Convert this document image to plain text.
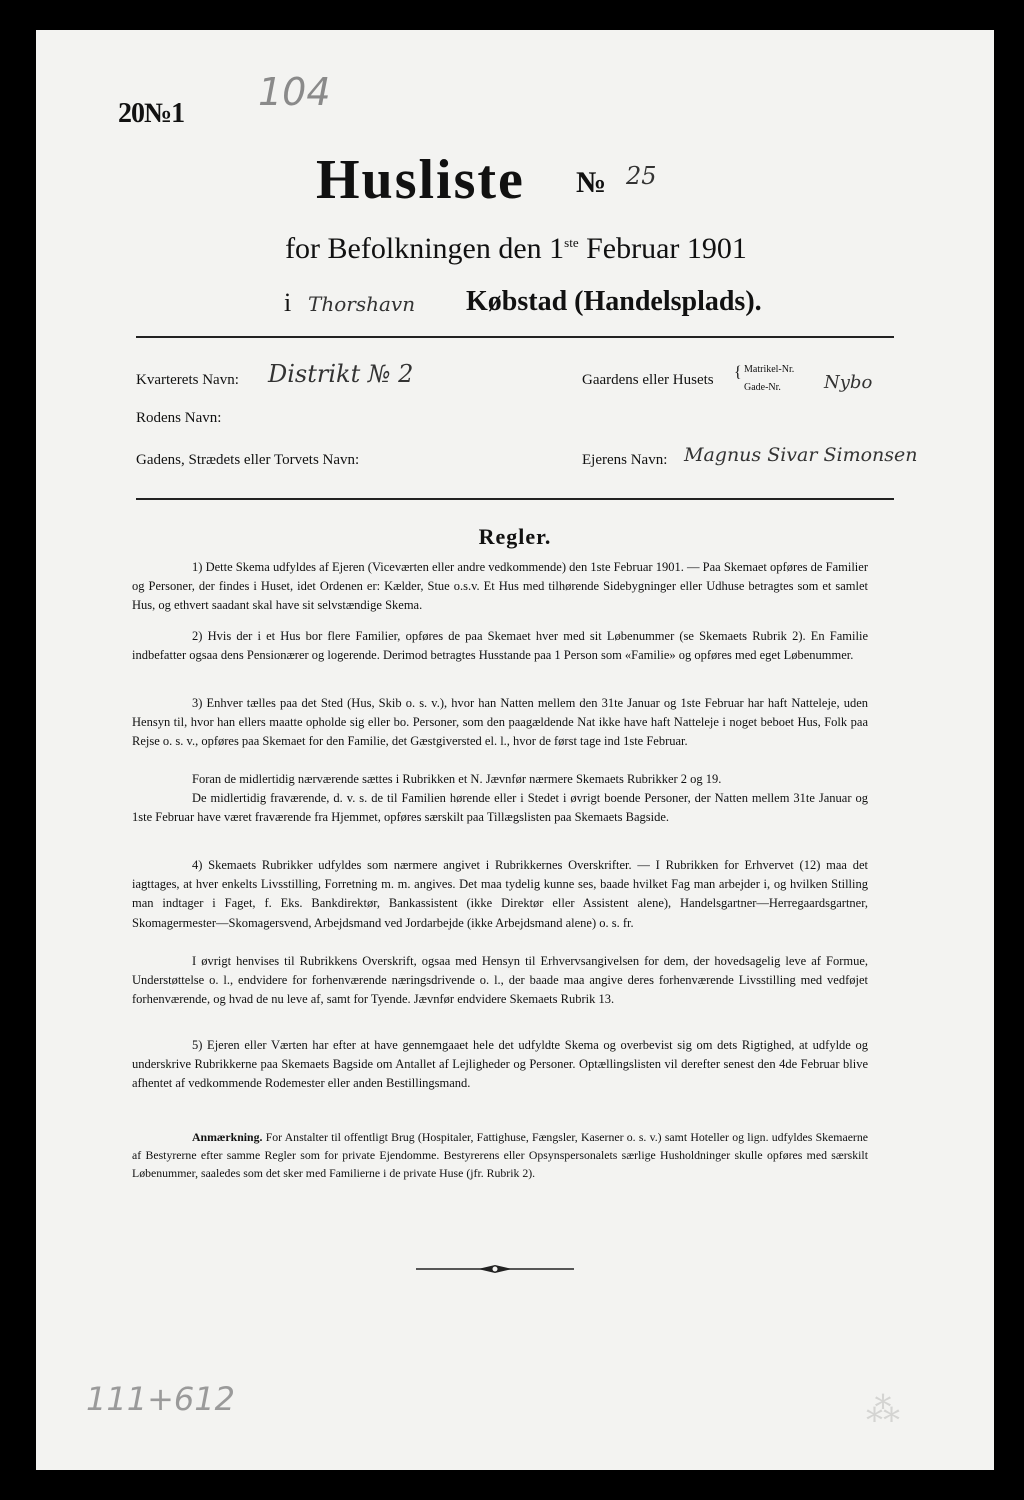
20№1 104
Husliste № 25
for Befolkningen den 1ste Februar 1901
i Thorshavn Købstad (Handelsplads).
Kvarterets Navn: Distrikt № 2	Gaardens eller Husets { Matrikel-Nr.
Gade-Nr. Nybo
Rodens Navn:
Gadens, Strædets eller Torvets Navn:	Ejerens Navn: Magnus Sivar Simonsen
Regler.
1) Dette Skema udfyldes af Ejeren (Viceværten eller andre vedkommende) den 1ste Februar 1901. — Paa Skemaet opføres de Familier og Personer, der findes i Huset, idet Ordenen er: Kælder, Stue o.s.v. Et Hus med tilhørende Sidebygninger eller Udhuse betragtes som et samlet Hus, og ethvert saadant skal have sit selvstændige Skema.
2) Hvis der i et Hus bor flere Familier, opføres de paa Skemaet hver med sit Løbenummer (se Skemaets Rubrik 2). En Familie indbefatter ogsaa dens Pensionærer og logerende. Derimod betragtes Husstande paa 1 Person som «Familie» og opføres med eget Løbenummer.
3) Enhver tælles paa det Sted (Hus, Skib o. s. v.), hvor han Natten mellem den 31te Januar og 1ste Februar har haft Natteleje, uden Hensyn til, hvor han ellers maatte opholde sig eller bo. Personer, som den paagældende Nat ikke have haft Natteleje i noget beboet Hus, Folk paa Rejse o. s. v., opføres paa Skemaet for den Familie, det Gæstgiversted el. l., hvor de først tage ind 1ste Februar.
Foran de midlertidig nærværende sættes i Rubrikken et N. Jævnfør nærmere Skemaets Rubrikker 2 og 19.
De midlertidig fraværende, d. v. s. de til Familien hørende eller i Stedet i øvrigt boende Personer, der Natten mellem 31te Januar og 1ste Februar have været fraværende fra Hjemmet, opføres særskilt paa Tillægslisten paa Skemaets Bagside.
4) Skemaets Rubrikker udfyldes som nærmere angivet i Rubrikkernes Overskrifter. — I Rubrikken for Erhvervet (12) maa det iagttages, at hver enkelts Livsstilling, Forretning m. m. angives. Det maa tydelig kunne ses, baade hvilket Fag man arbejder i, og hvilken Stilling man indtager i Faget, f. Eks. Bankdirektør, Bankassistent (ikke Direktør eller Assistent alene), Handelsgartner—Herregaardsgartner, Skomagermester—Skomagersvend, Arbejdsmand ved Jordarbejde (ikke Arbejdsmand alene) o. s. fr.
I øvrigt henvises til Rubrikkens Overskrift, ogsaa med Hensyn til Erhvervsangivelsen for dem, der hovedsagelig leve af Formue, Understøttelse o. l., endvidere for forhenværende næringsdrivende o. l., der baade maa angive deres forhenværende Livsstilling med vedføjet forhenværende, og hvad de nu leve af, samt for Tyende. Jævnfør endvidere Skemaets Rubrik 13.
5) Ejeren eller Værten har efter at have gennemgaaet hele det udfyldte Skema og overbevist sig om dets Rigtighed, at udfylde og underskrive Rubrikkerne paa Skemaets Bagside om Antallet af Lejligheder og Personer. Optællingslisten vil derefter senest den 4de Februar blive afhentet af vedkommende Rodemester eller anden Bestillingsmand.
Anmærkning. For Anstalter til offentligt Brug (Hospitaler, Fattighuse, Fængsler, Kaserner o. s. v.) samt Hoteller og lign. udfyldes Skemaerne af Bestyrerne efter samme Regler som for private Ejendomme. Bestyrerens eller Opsynspersonalets særlige Husholdninger skulle opføres med særskilt Løbenummer, saaledes som det sker med Familierne i de private Huse (jfr. Rubrik 2).
111+612	⁂
